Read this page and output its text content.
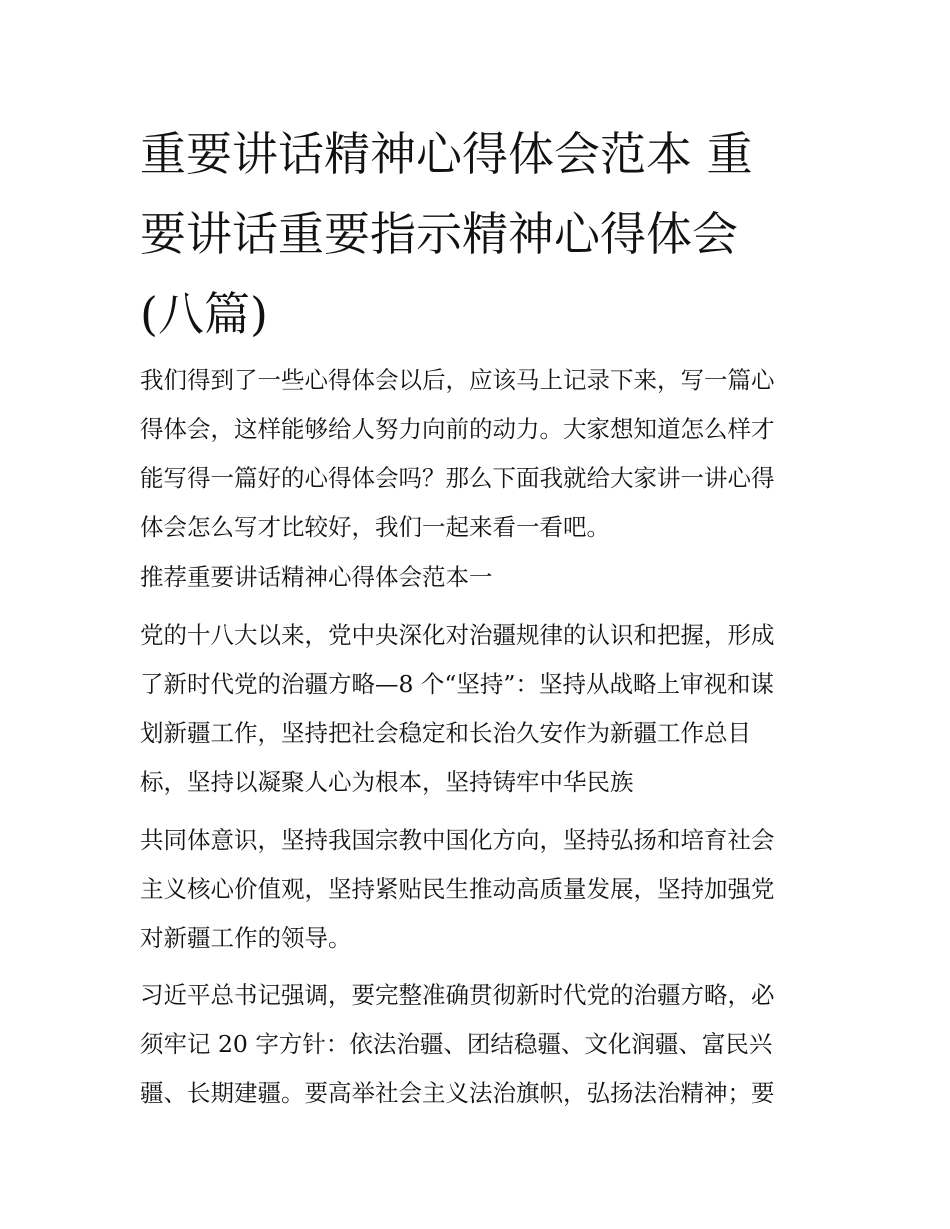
重要讲话精神心得体会范本 重
要讲话重要指示精神心得体会
(八篇)
我们得到了一些心得体会以后，应该马上记录下来，写一篇心
得体会，这样能够给人努力向前的动力。大家想知道怎么样才
能写得一篇好的心得体会吗？那么下面我就给大家讲一讲心得
体会怎么写才比较好，我们一起来看一看吧。
推荐重要讲话精神心得体会范本一
党的十八大以来，党中央深化对治疆规律的认识和把握，形成
了新时代党的治疆方略—8 个“坚持”：坚持从战略上审视和谋
划新疆工作，坚持把社会稳定和长治久安作为新疆工作总目
标，坚持以凝聚人心为根本，坚持铸牢中华民族
共同体意识，坚持我国宗教中国化方向，坚持弘扬和培育社会
主义核心价值观，坚持紧贴民生推动高质量发展，坚持加强党
对新疆工作的领导。
习近平总书记强调，要完整准确贯彻新时代党的治疆方略，必
须牢记 20 字方针：依法治疆、团结稳疆、文化润疆、富民兴
疆、长期建疆。要高举社会主义法治旗帜，弘扬法治精神；要
